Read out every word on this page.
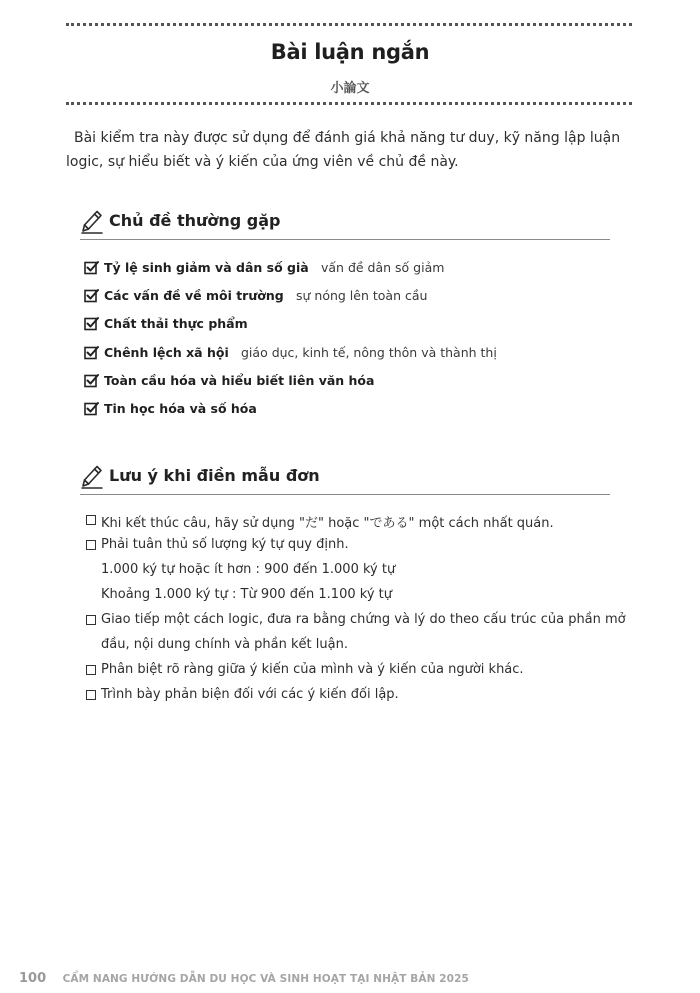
Bài luận ngắn
小論文

Bài kiểm tra này được sử dụng để đánh giá khả năng tư duy, kỹ năng lập luận logic, sự hiểu biết và ý kiến của ứng viên về chủ đề này.

Chủ đề thường gặp
Tỷ lệ sinh giảm và dân số già vấn đề dân số giảm
Các vấn đề về môi trường sự nóng lên toàn cầu
Chất thải thực phẩm
Chênh lệch xã hội giáo dục, kinh tế, nông thôn và thành thị
Toàn cầu hóa và hiểu biết liên văn hóa
Tin học hóa và số hóa
Lưu ý khi điền mẫu đơn
Khi kết thúc câu, hãy sử dụng "だ" hoặc "である" một cách nhất quán.
Phải tuân thủ số lượng ký tự quy định.
1.000 ký tự hoặc ít hơn : 900 đến 1.000 ký tự
Khoảng 1.000 ký tự : Từ 900 đến 1.100 ký tự
Giao tiếp một cách logic, đưa ra bằng chứng và lý do theo cấu trúc của phần mở
đầu, nội dung chính và phần kết luận.
Phân biệt rõ ràng giữa ý kiến của mình và ý kiến của người khác.
Trình bày phản biện đối với các ý kiến đối lập.
100 CẨM NANG HƯỚNG DẪN DU HỌC VÀ SINH HOẠT TẠI NHẬT BẢN 2025
